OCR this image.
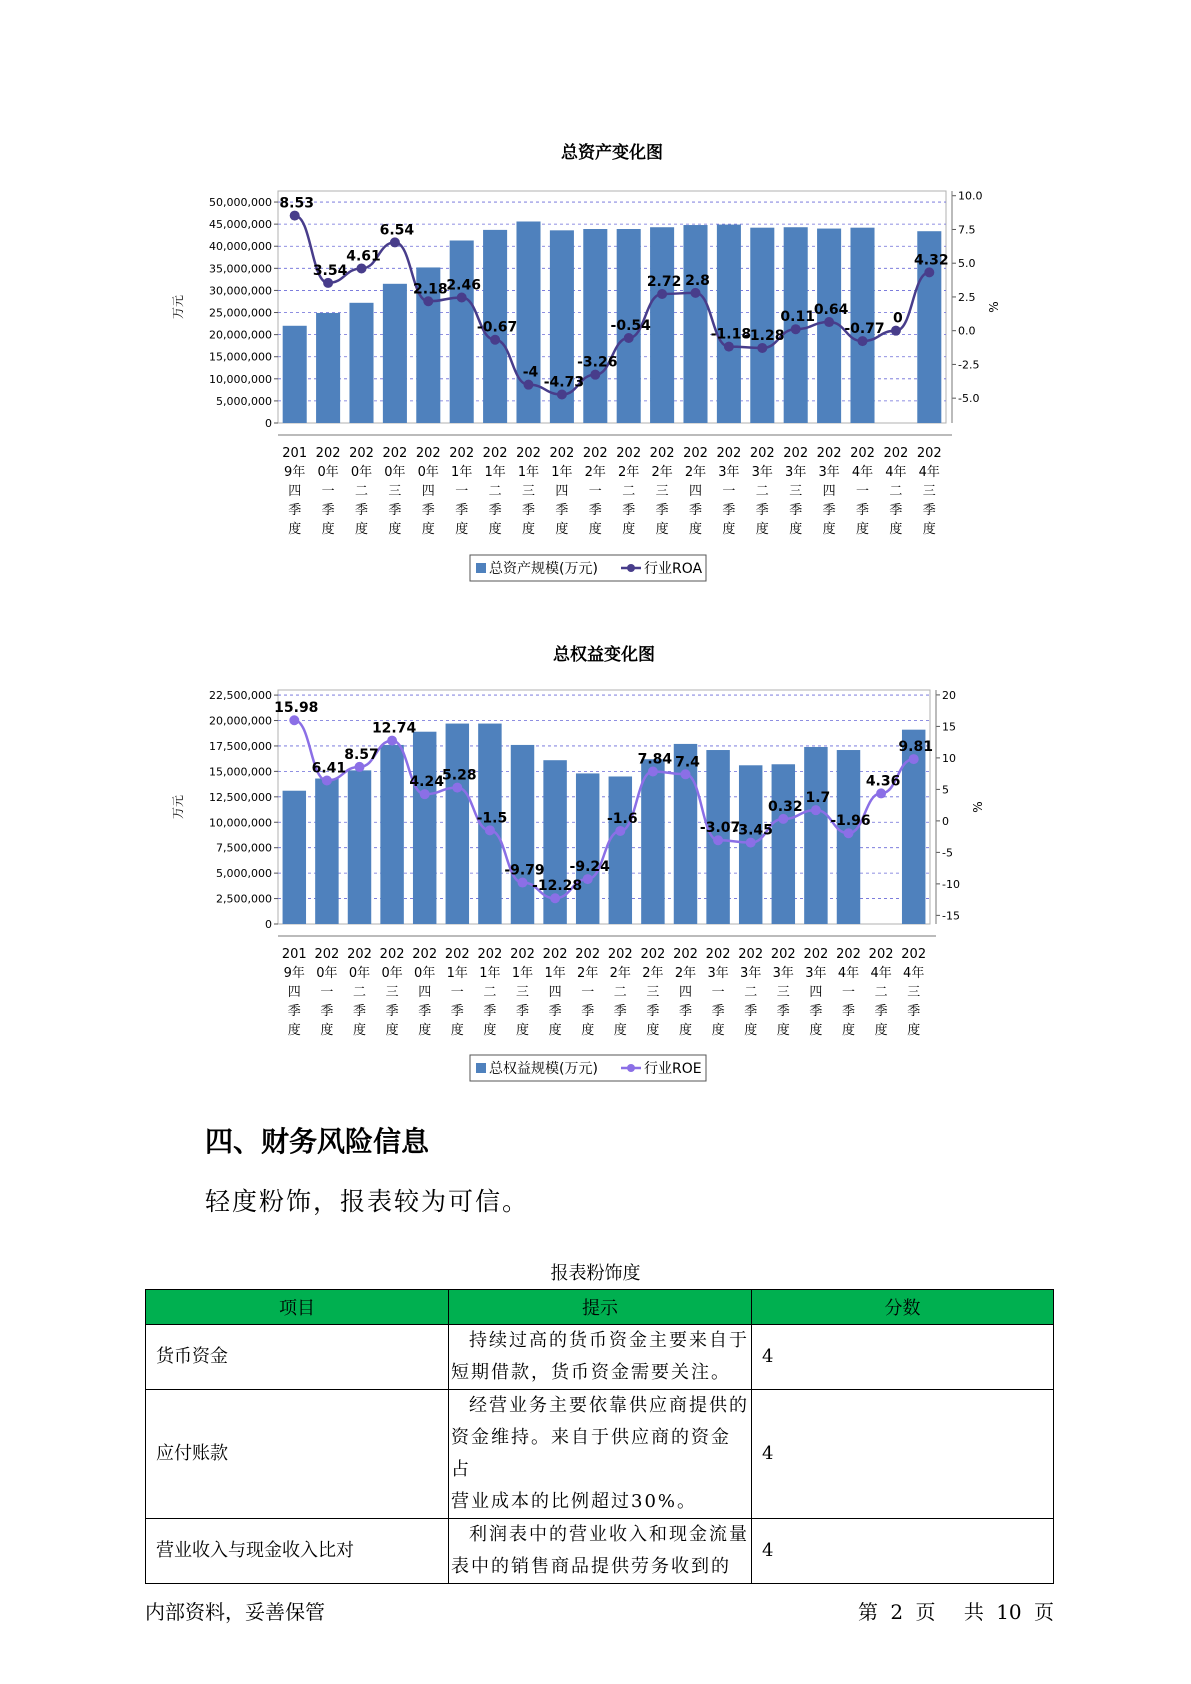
总资产变化图
0
5,000,000
10,000,000
15,000,000
20,000,000
25,000,000
30,000,000
35,000,000
40,000,000
45,000,000
50,000,000
-5.0
-2.5
0.0
2.5
5.0
7.5
10.0
万元	%
8.53
3.54
4.61
6.54
2.18
2.46
-0.67
-4
-4.73
-3.26
-0.54
2.72 2.8
-1.18
-1.28
0.11
0.64
-0.77
0
4.32
201
9年
四
季
度
202
0年
一
季
度
202
0年
二
季
度
202
0年
三
季
度
202
0年
四
季
度
202
1年
一
季
度
202
1年
二
季
度
202
1年
三
季
度
202
1年
四
季
度
202
2年
一
季
度
202
2年
二
季
度
202
2年
三
季
度
202
2年
四
季
度
202
3年
一
季
度
202
3年
二
季
度
202
3年
三
季
度
202
3年
四
季
度
202
4年
一
季
度
202
4年
二
季
度
202
4年
三
季
度
总资产规模(万元)	行业ROA
总权益变化图
0
2,500,000
5,000,000
7,500,000
10,000,000
12,500,000
15,000,000
17,500,000
20,000,000
22,500,000
-15
-10
-5
0
5
10
15
20
万元	%
15.98
6.41
8.57
12.74
4.24
5.28
-1.5
-9.79
-12.28
-9.24
-1.6
7.84 7.4
-3.07
-3.45
0.32
1.7
-1.96
4.36
9.81
201
9年
四
季
度
202
0年
一
季
度
202
0年
二
季
度
202
0年
三
季
度
202
0年
四
季
度
202
1年
一
季
度
202
1年
二
季
度
202
1年
三
季
度
202
1年
四
季
度
202
2年
一
季
度
202
2年
二
季
度
202
2年
三
季
度
202
2年
四
季
度
202
3年
一
季
度
202
3年
二
季
度
202
3年
三
季
度
202
3年
四
季
度
202
4年
一
季
度
202
4年
二
季
度
202
4年
三
季
度
总权益规模(万元)	行业ROE
四、财务风险信息
轻度粉饰，报表较为可信。
报表粉饰度
项目	提示	分数
货币资金	持续过高的货币资金主要来自于
短期借款，货币资金需要关注。	4
应付账款	经营业务主要依靠供应商提供的
资金维持。来自于供应商的资金占
营业成本的比例超过30%。	4
营业收入与现金收入比对	利润表中的营业收入和现金流量
表中的销售商品提供劳务收到的	4
内部资料，妥善保管	第 2 页 共 10 页
